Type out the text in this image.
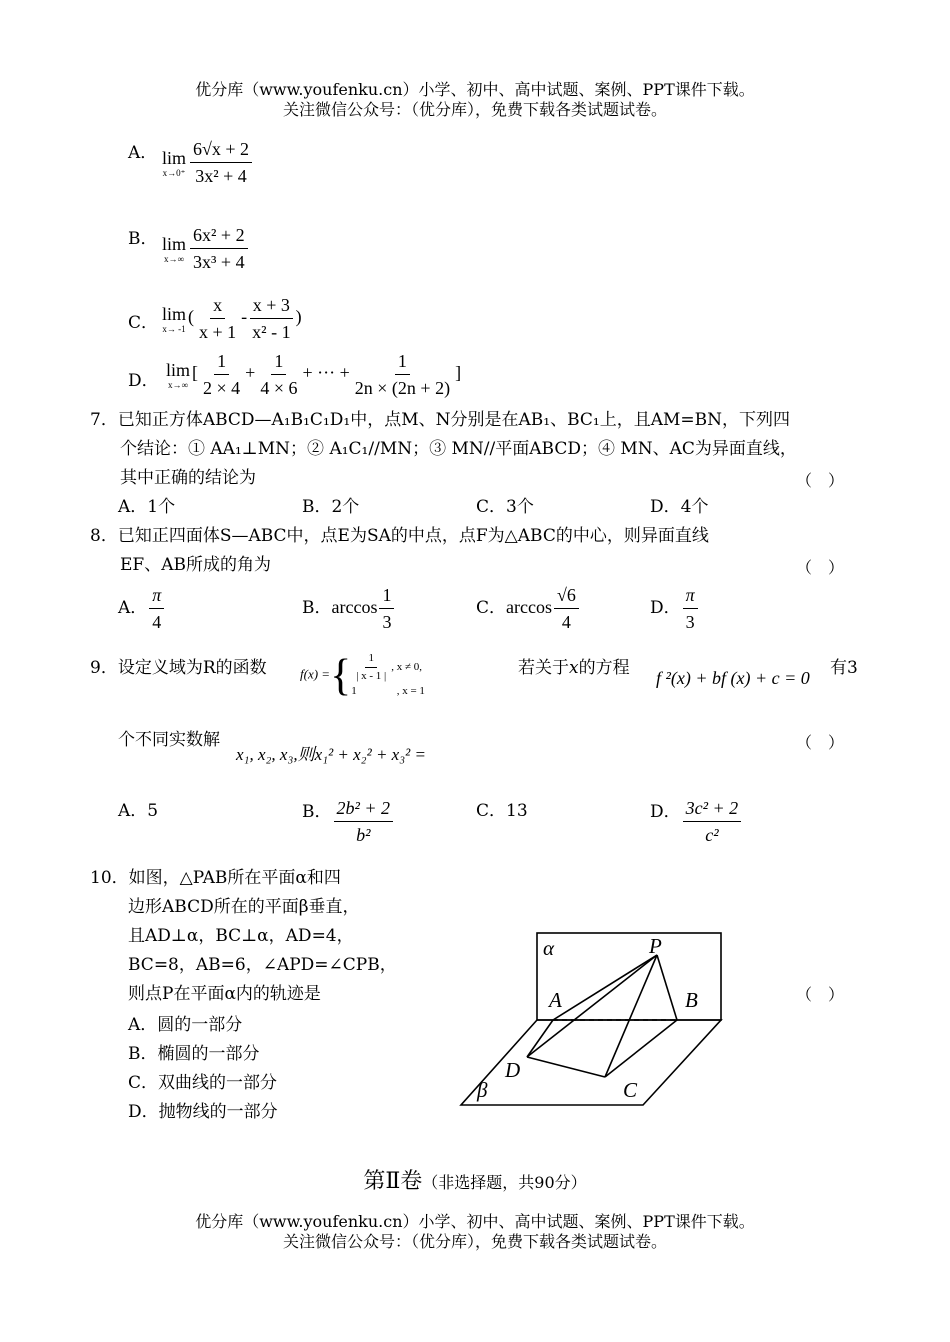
优分库（www.youfenku.cn）小学、初中、高中试题、案例、PPT课件下载。
关注微信公众号：（优分库），免费下载各类试题试卷。
A． lim
$x\to 0^+ \frac{6√x + 2}{\text{3x² + 4}}$
B． lim
$x\to\infty \frac{\text{6x² + 2}}{\text{3x³ + 4}}$
C． lim
x→ -1
( $\frac{x}{x + 1} - \frac{x + 3}{\text{x² - 1}}$ )
D．
lim
x→∞
[ $\frac{1}{2 \times 4} + \frac{1}{4 \times 6}$ + ··· + $\frac{1}{2n \times (2n + 2)}$ ]
7．已知正方体ABCD—A₁B₁C₁D₁中，点M、N分别是在AB₁、BC₁上，且AM=BN，下列四
个结论：① AA₁⊥MN；② A₁C₁//MN；③ MN//平面ABCD；④ MN、AC为异面直线，
其中正确的结论为	（　）
A．1个	B．2个	C．3个	D．4个
8．已知正四面体S—ABC中，点E为SA的中点，点F为△ABC的中心，则异面直线
EF、AB所成的角为	（　）
A． $\frac{\pi}{4}$	B．$\arccos \frac{1}{3}$	C．$\arccos \frac{√6}{4}$	D． $\frac{\pi}{3}$
9．设定义域为R的函数	f(x) ={ $\frac{1}{| x - 1 |}$ , x ≠ 0,
1	, x = 1
若关于x的方程 f ²(x) + bf (x) + c = 0 有3
个不同实数解
x₁, x₂, x₃,则x₁² + x₂² + x₃² =
（　）
A．5	B． $\frac{\text{2b² + 2}}{\text{b²}}$	C．13	D． $\frac{\text{3c² + 2}}{\text{c²}}$
10．如图，△PAB所在平面α和四
边形ABCD所在的平面β垂直，
且AD⊥α，BC⊥α，AD=4，
BC=8，AB=6，∠APD=∠CPB，
则点P在平面α内的轨迹是	（　）
A．圆的一部分
B．椭圆的一部分
C．双曲线的一部分
D．抛物线的一部分
α	P
A	B
D
C
β
第Ⅱ卷（非选择题，共90分）
优分库（www.youfenku.cn）小学、初中、高中试题、案例、PPT课件下载。
关注微信公众号：（优分库），免费下载各类试题试卷。
